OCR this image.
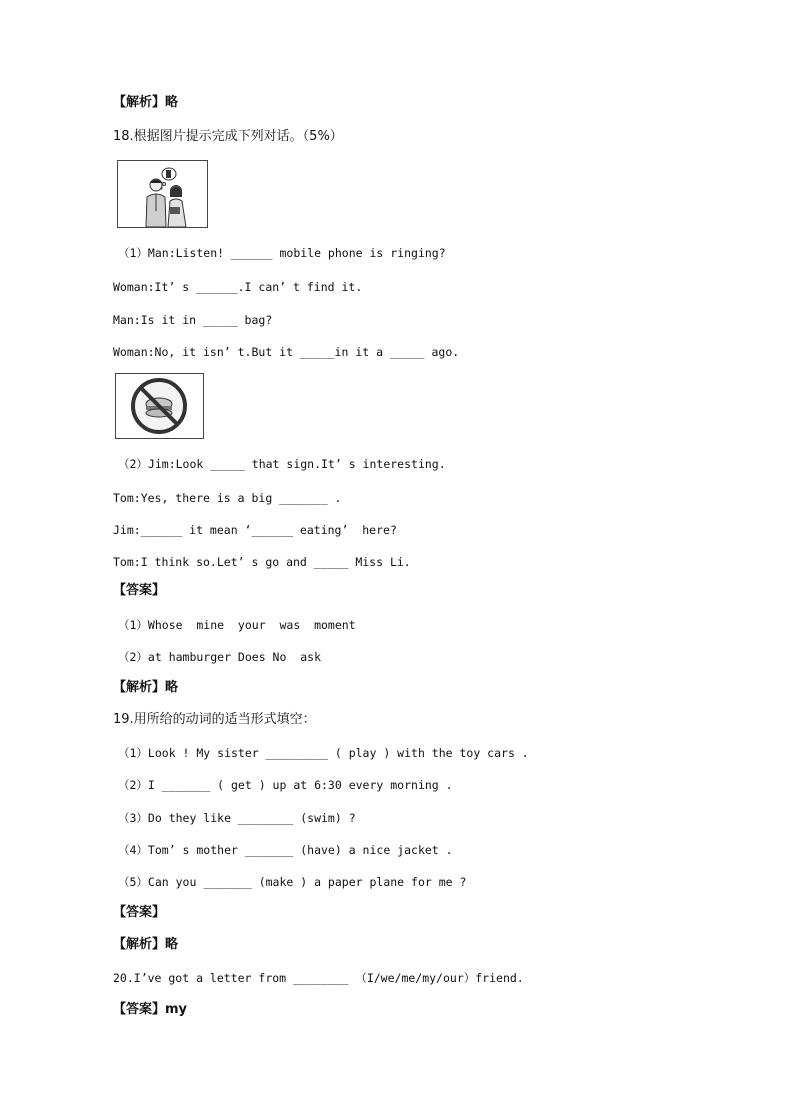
【解析】略
18.根据图片提示完成下列对话。（5%）
（1）Man:Listen! ______ mobile phone is ringing?
Woman:It’ s ______.I can’ t find it.
Man:Is it in _____ bag?
Woman:No, it isn’ t.But it _____in it a _____ ago.
（2）Jim:Look _____ that sign.It’ s interesting.
Tom:Yes, there is a big _______ .
Jim:______ it mean ‘______ eating’  here?
Tom:I think so.Let’ s go and _____ Miss Li.
【答案】
（1）Whose  mine  your  was  moment
（2）at hamburger Does No  ask
【解析】略
19.用所给的动词的适当形式填空：
（1）Look ! My sister _________ ( play ) with the toy cars .
（2）I _______ ( get ) up at 6:30 every morning .
（3）Do they like ________ (swim) ?
（4）Tom’ s mother _______ (have) a nice jacket .
（5）Can you _______ (make ) a paper plane for me ?
【答案】
【解析】略
20.I’ve got a letter from ________ （I/we/me/my/our）friend.
【答案】my
